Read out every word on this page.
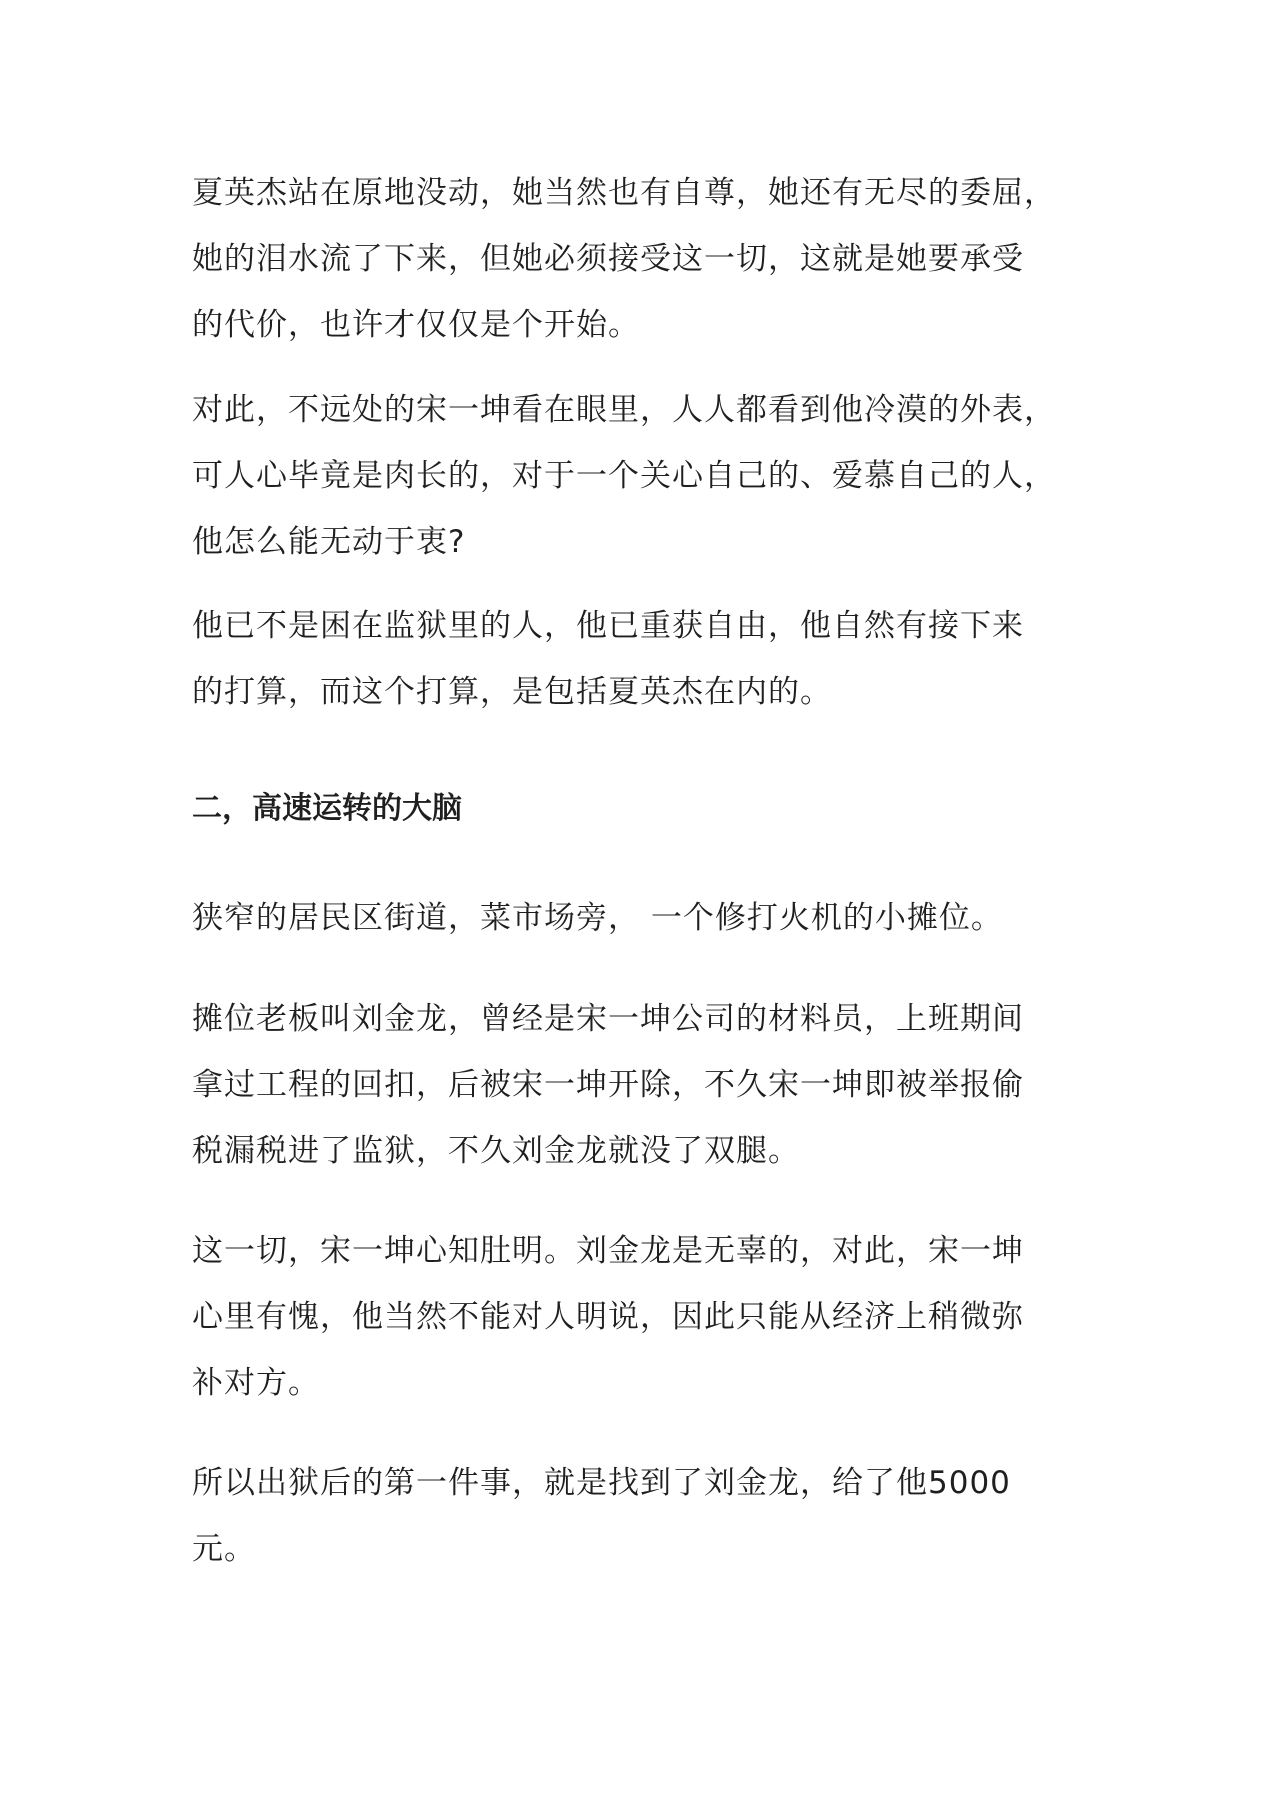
夏英杰站在原地没动，她当然也有自尊，她还有无尽的委屈，
她的泪水流了下来，但她必须接受这一切，这就是她要承受
的代价，也许才仅仅是个开始。

对此，不远处的宋一坤看在眼里，人人都看到他冷漠的外表，
可人心毕竟是肉长的，对于一个关心自己的、爱慕自己的人，
他怎么能无动于衷?

他已不是困在监狱里的人，他已重获自由，他自然有接下来
的打算，而这个打算，是包括夏英杰在内的。

二，高速运转的大脑

狭窄的居民区街道，菜市场旁， 一个修打火机的小摊位。

摊位老板叫刘金龙，曾经是宋一坤公司的材料员，上班期间
拿过工程的回扣，后被宋一坤开除，不久宋一坤即被举报偷
税漏税进了监狱，不久刘金龙就没了双腿。

这一切，宋一坤心知肚明。刘金龙是无辜的，对此，宋一坤
心里有愧，他当然不能对人明说，因此只能从经济上稍微弥
补对方。

所以出狱后的第一件事，就是找到了刘金龙，给了他5000
元。
